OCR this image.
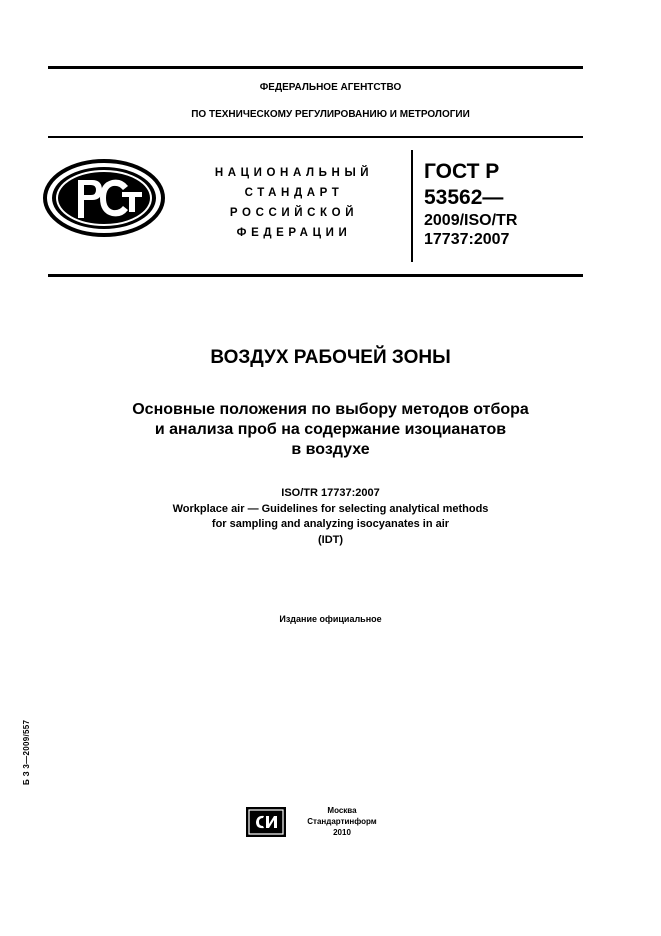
ФЕДЕРАЛЬНОЕ АГЕНТСТВО
ПО ТЕХНИЧЕСКОМУ РЕГУЛИРОВАНИЮ И МЕТРОЛОГИИ
НАЦИОНАЛЬНЫЙ
СТАНДАРТ
РОССИЙСКОЙ
ФЕДЕРАЦИИ
ГОСТ Р
53562—
2009/ISO/TR
17737:2007
ВОЗДУХ РАБОЧЕЙ ЗОНЫ
Основные положения по выбору методов отбора
и анализа проб на содержание изоцианатов
в воздухе
ISO/TR 17737:2007
Workplace air — Guidelines for selecting analytical methods
for sampling and analyzing isocyanates in air
(IDT)
Издание официальное
Б З 3—2009/557
Москва
Стандартинформ
2010
